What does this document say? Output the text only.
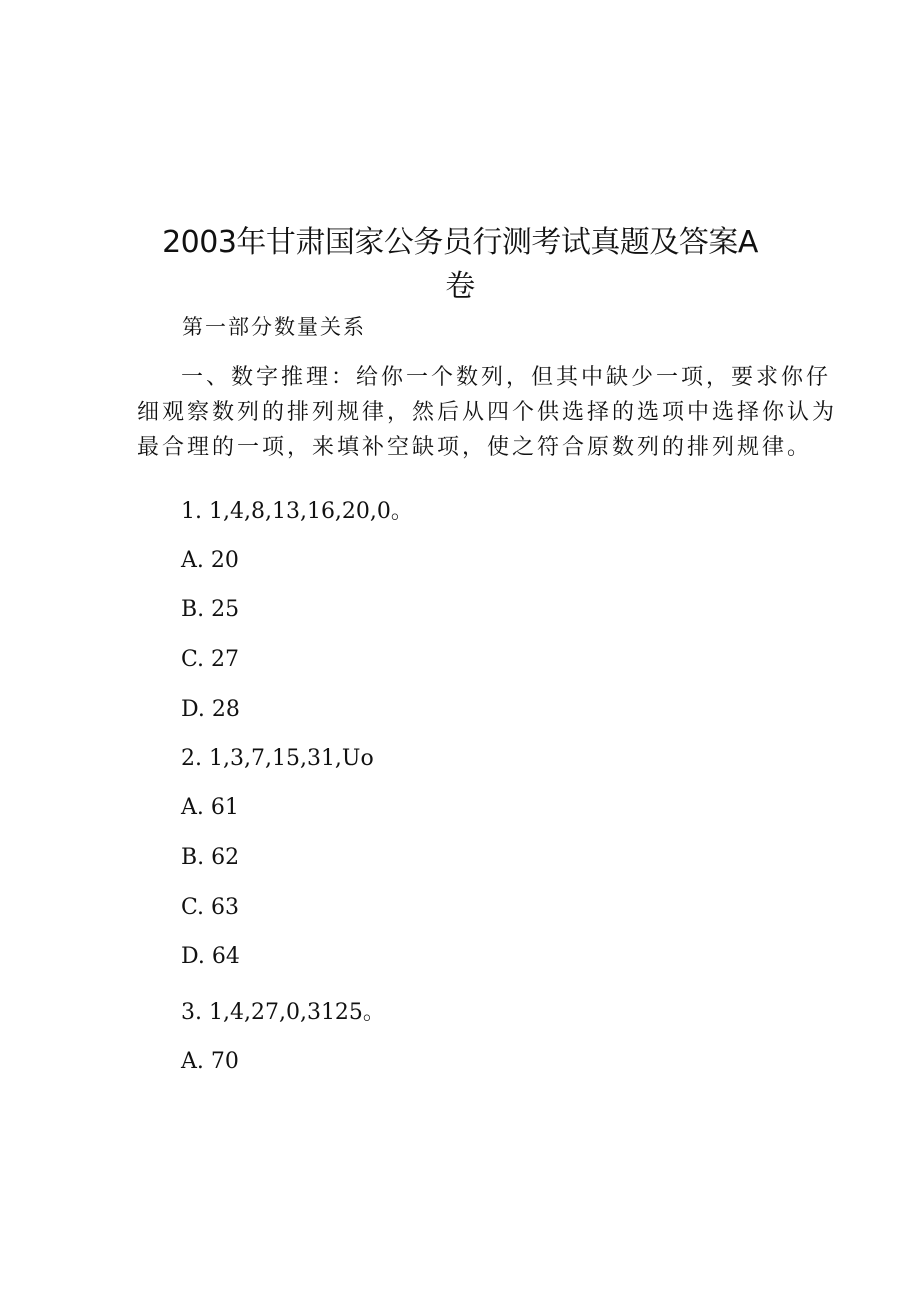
2003年甘肃国家公务员行测考试真题及答案A
卷
第一部分数量关系
一、数字推理：给你一个数列，但其中缺少一项，要求你仔
细观察数列的排列规律，然后从四个供选择的选项中选择你认为
最合理的一项，来填补空缺项，使之符合原数列的排列规律。
1. 1,4,8,13,16,20,0。
A. 20
B. 25
C. 27
D. 28
2. 1,3,7,15,31,Uo
A. 61
B. 62
C. 63
D. 64
3. 1,4,27,0,3125。
A. 70
